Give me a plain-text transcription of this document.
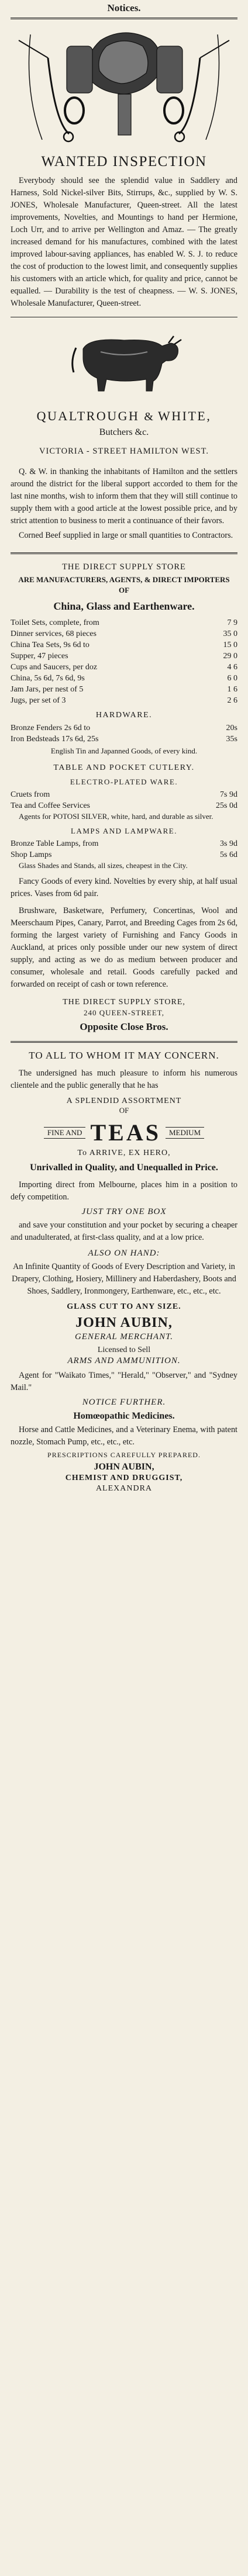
Notices.
WANTED INSPECTION

Everybody should see the splendid value in Saddlery and Harness, Sold Nickel-silver Bits, Stirrups, &c., supplied by W. S. JONES, Wholesale Manufacturer, Queen-street. All the latest improvements, Novelties, and Mountings to hand per Hermione, Loch Urr, and to arrive per Wellington and Amaz. — The greatly increased demand for his manufactures, combined with the latest improved labour-saving appliances, has enabled W. S. J. to reduce the cost of production to the lowest limit, and consequently supplies his customers with an article which, for quality and price, cannot be equalled. — Durability is the test of cheapness. — W. S. JONES, Wholesale Manufacturer, Queen-street.

QUALTROUGH & WHITE,

Butchers &c.

VICTORIA - STREET HAMILTON WEST.

Q. & W. in thanking the inhabitants of Hamilton and the settlers around the district for the liberal support accorded to them for the last nine months, wish to inform them that they will still continue to supply them with a good article at the lowest possible price, and by strict attention to business to merit a continuance of their favors.

Corned Beef supplied in large or small quantities to Contractors.

THE DIRECT SUPPLY STORE

ARE MANUFACTURERS, AGENTS, & DIRECT IMPORTERS OF

China, Glass and Earthenware.

Toilet Sets, complete, from	7 9
Dinner services, 68 pieces	35 0
China Tea Sets, 9s 6d to	15 0
Supper, 47 pieces	29 0
Cups and Saucers, per doz	4 6
China, 5s 6d, 7s 6d, 9s	6 0
Jam Jars, per nest of 5	1 6
Jugs, per set of 3	2 6
HARDWARE.
Bronze Fenders 2s 6d to	20s
Iron Bedsteads 17s 6d, 25s	35s

English Tin and Japanned Goods, of every kind.

TABLE AND POCKET CUTLERY.
ELECTRO-PLATED WARE.
Cruets from	7s 9d
Tea and Coffee Services	25s 0d

Agents for POTOSI SILVER, white, hard, and durable as silver.

LAMPS AND LAMPWARE.
Bronze Table Lamps, from	3s 9d
Shop Lamps	5s 6d

Glass Shades and Stands, all sizes, cheapest in the City.

Fancy Goods of every kind. Novelties by every ship, at half usual prices. Vases from 6d pair.

Brushware, Basketware, Perfumery, Concertinas, Wool and Meerschaum Pipes, Canary, Parrot, and Breeding Cages from 2s 6d, forming the largest variety of Furnishing and Fancy Goods in Auckland, at prices only possible under our new system of direct supply, and acting as we do as medium between producer and consumer, wholesale and retail. Goods carefully packed and forwarded on receipt of cash or town reference.

THE DIRECT SUPPLY STORE,

240 QUEEN-STREET,

Opposite Close Bros.

TO ALL TO WHOM IT MAY CONCERN.

The undersigned has much pleasure to inform his numerous clientele and the public generally that he has

A SPLENDID ASSORTMENT

OF

FINE AND TEAS	MEDIUM

To ARRIVE, EX HERO,

Unrivalled in Quality, and Unequalled in Price.

Importing direct from Melbourne, places him in a position to defy competition.

JUST TRY ONE BOX

and save your constitution and your pocket by securing a cheaper and unadulterated, at first-class quality, and at a low price.

ALSO ON HAND:

An Infinite Quantity of Goods of Every Description and Variety, in Drapery, Clothing, Hosiery, Millinery and Haberdashery, Boots and Shoes, Saddlery, Ironmongery, Earthenware, etc., etc., etc.

GLASS CUT TO ANY SIZE.

JOHN AUBIN,

GENERAL MERCHANT.

Licensed to Sell

ARMS AND AMMUNITION.

Agent for "Waikato Times," "Herald," "Observer," and "Sydney Mail."

NOTICE FURTHER.

Homœopathic Medicines.

Horse and Cattle Medicines, and a Veterinary Enema, with patent nozzle, Stomach Pump, etc., etc., etc.

PRESCRIPTIONS CAREFULLY PREPARED.

JOHN AUBIN,

CHEMIST AND DRUGGIST,

ALEXANDRA
